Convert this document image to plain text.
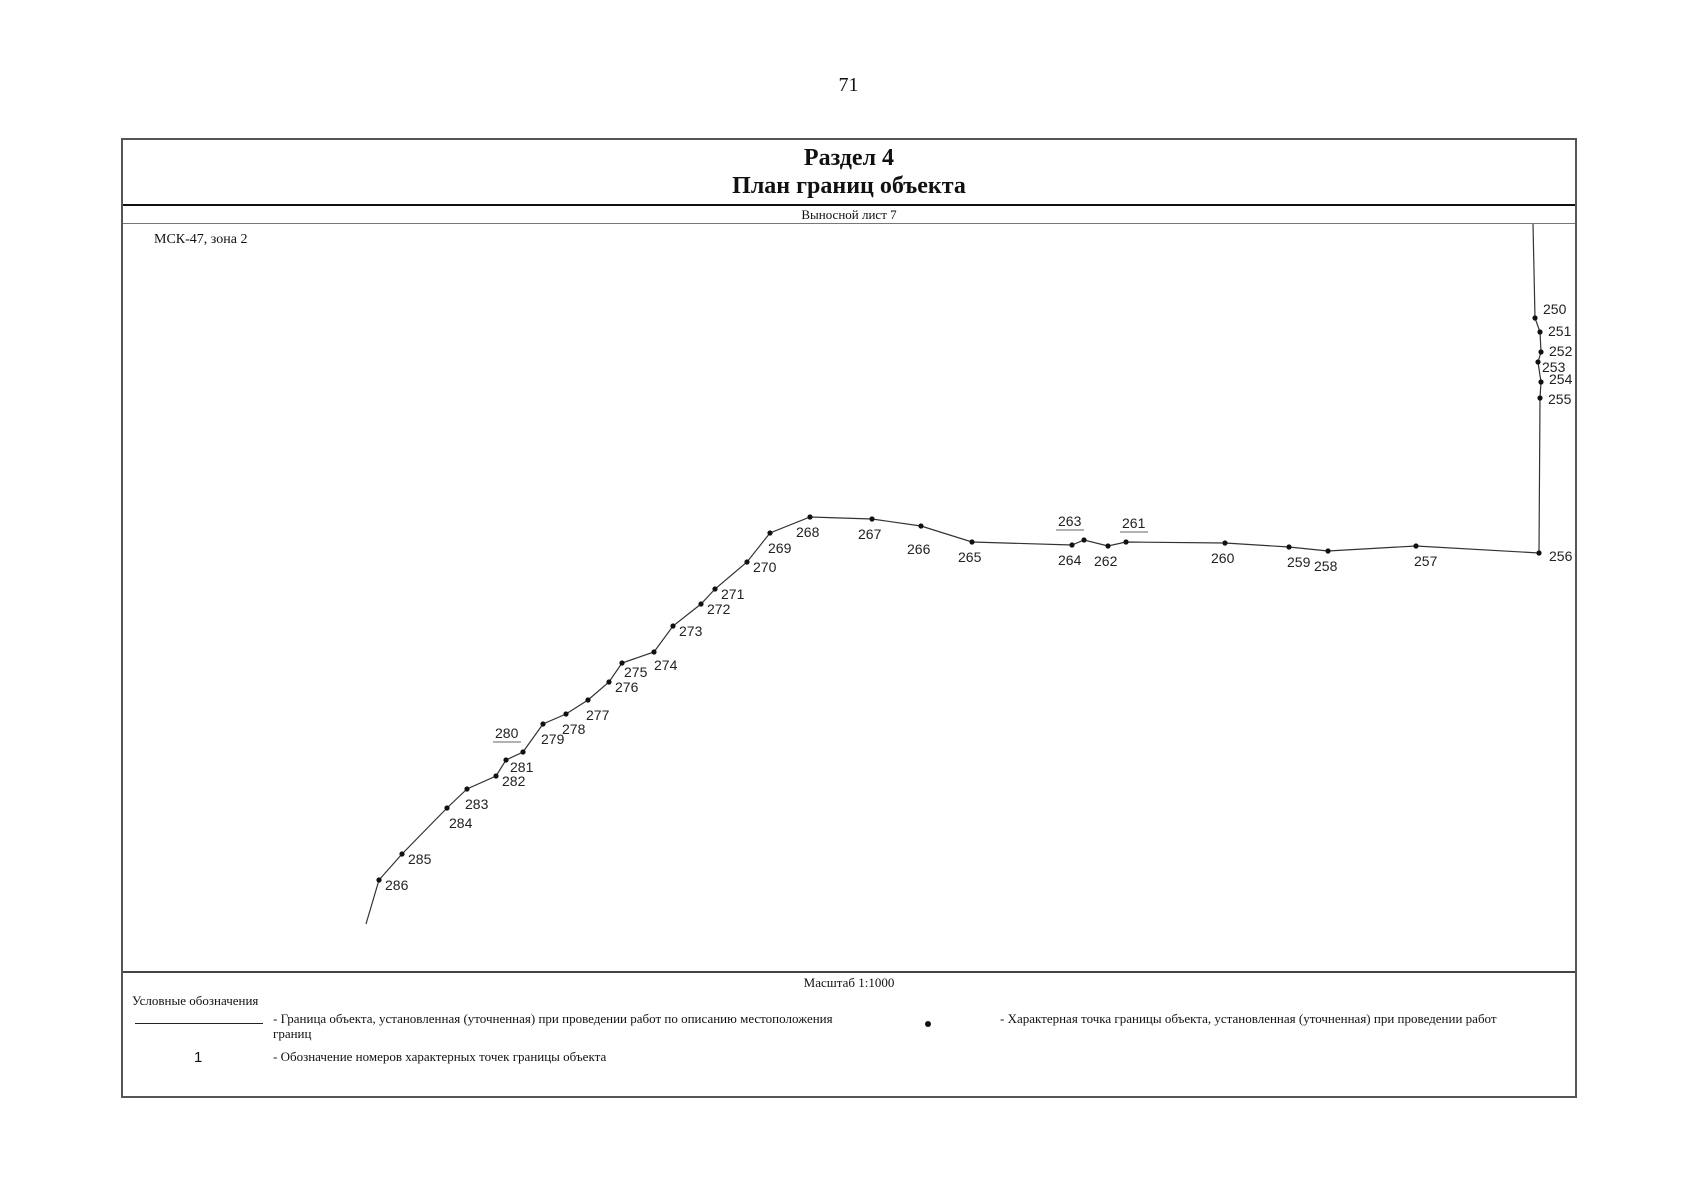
71
Раздел 4
План границ объекта
Выносной лист 7
МСК-47, зона 2
250
251
252
253
254
255
256
257
258
259
260
261
262
263
264
265
266
267
268
269
270
271
272
273
274
275
276
277
278
279
280
281
282
283
284
285
286
Масштаб 1:1000
Условные обозначения
- Граница объекта, установленная (уточненная) при проведении работ по описанию местоположения границ
- Характерная точка границы объекта, установленная (уточненная) при проведении работ
1	- Обозначение номеров характерных точек границы объекта
